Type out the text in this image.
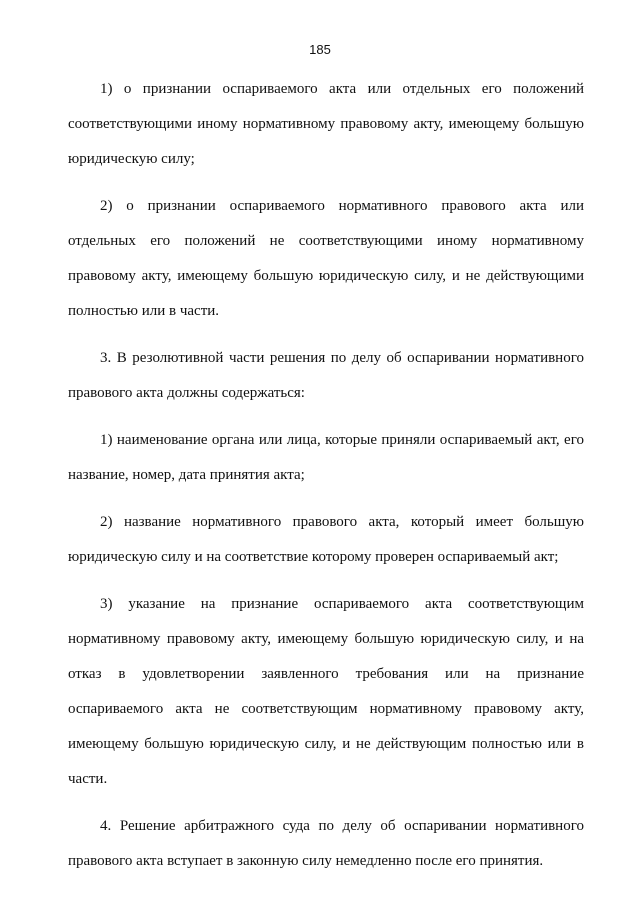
185

1) о признании оспариваемого акта или отдельных его положений соответствующими иному нормативному правовому акту, имеющему большую юридическую силу;

2) о признании оспариваемого нормативного правового акта или отдельных его положений не соответствующими иному нормативному правовому акту, имеющему большую юридическую силу, и не действующими полностью или в части.

3. В резолютивной части решения по делу об оспаривании нормативного правового акта должны содержаться:

1) наименование органа или лица, которые приняли оспариваемый акт, его название, номер, дата принятия акта;

2) название нормативного правового акта, который имеет большую юридическую силу и на соответствие которому проверен оспариваемый акт;

3) указание на признание оспариваемого акта соответствующим нормативному правовому акту, имеющему большую юридическую силу, и на отказ в удовлетворении заявленного требования или на признание оспариваемого акта не соответствующим нормативному правовому акту, имеющему большую юридическую силу, и не действующим полностью или в части.

4. Решение арбитражного суда по делу об оспаривании нормативного правового акта вступает в законную силу немедленно после его принятия.
